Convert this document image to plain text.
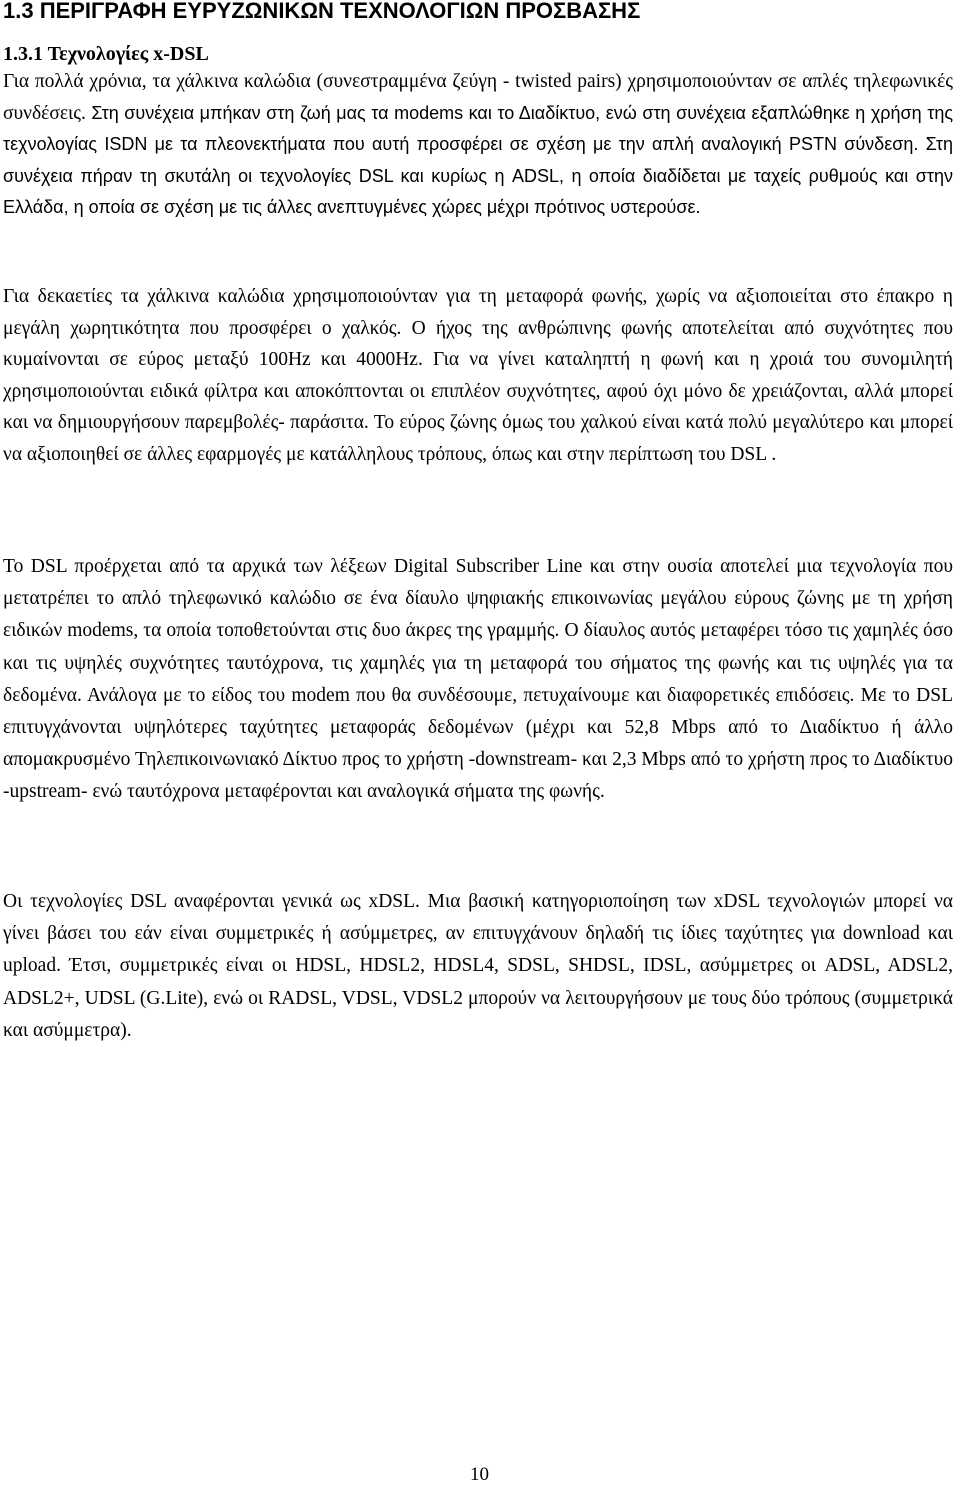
1.3 ΠΕΡΙΓΡΑΦΗ ΕΥΡΥΖΩΝΙΚΩΝ ΤΕΧΝΟΛΟΓΙΩΝ ΠΡΟΣΒΑΣΗΣ
1.3.1 Τεχνολογίες x-DSL

Για πολλά χρόνια, τα χάλκινα καλώδια (συνεστραμμένα ζεύγη - twisted pairs) χρησιμοποιούνταν σε απλές τηλεφωνικές συνδέσεις. Στη συνέχεια μπήκαν στη ζωή μας τα modems και το Διαδίκτυο, ενώ στη συνέχεια εξαπλώθηκε η χρήση της τεχνολογίας ISDN με τα πλεονεκτήματα που αυτή προσφέρει σε σχέση με την απλή αναλογική PSTN σύνδεση. Στη συνέχεια πήραν τη σκυτάλη οι τεχνολογίες DSL και κυρίως η ADSL, η οποία διαδίδεται με ταχείς ρυθμούς και στην Ελλάδα, η οποία σε σχέση με τις άλλες ανεπτυγμένες χώρες μέχρι πρότινος υστερούσε.

Για δεκαετίες τα χάλκινα καλώδια χρησιμοποιούνταν για τη μεταφορά φωνής, χωρίς να αξιοποιείται στο έπακρο η μεγάλη χωρητικότητα που προσφέρει ο χαλκός. Ο ήχος της ανθρώπινης φωνής αποτελείται από συχνότητες που κυμαίνονται σε εύρος μεταξύ 100Hz και 4000Hz. Για να γίνει καταληπτή η φωνή και η χροιά του συνομιλητή χρησιμοποιούνται ειδικά φίλτρα και αποκόπτονται οι επιπλέον συχνότητες, αφού όχι μόνο δε χρειάζονται, αλλά μπορεί και να δημιουργήσουν παρεμβολές- παράσιτα. Το εύρος ζώνης όμως του χαλκού είναι κατά πολύ μεγαλύτερο και μπορεί να αξιοποιηθεί σε άλλες εφαρμογές με κατάλληλους τρόπους, όπως και στην περίπτωση του DSL .

Το DSL προέρχεται από τα αρχικά των λέξεων Digital Subscriber Line και στην ουσία αποτελεί μια τεχνολογία που μετατρέπει το απλό τηλεφωνικό καλώδιο σε ένα δίαυλο ψηφιακής επικοινωνίας μεγάλου εύρους ζώνης με τη χρήση ειδικών modems, τα οποία τοποθετούνται στις δυο άκρες της γραμμής. Ο δίαυλος αυτός μεταφέρει τόσο τις χαμηλές όσο και τις υψηλές συχνότητες ταυτόχρονα, τις χαμηλές για τη μεταφορά του σήματος της φωνής και τις υψηλές για τα δεδομένα. Ανάλογα με το είδος του modem που θα συνδέσουμε, πετυχαίνουμε και διαφορετικές επιδόσεις. Με το DSL επιτυγχάνονται υψηλότερες ταχύτητες μεταφοράς δεδομένων (μέχρι και 52,8 Mbps από το Διαδίκτυο ή άλλο απομακρυσμένο Τηλεπικοινωνιακό Δίκτυο προς το χρήστη -downstream- και 2,3 Mbps από το χρήστη προς το Διαδίκτυο -upstream- ενώ ταυτόχρονα μεταφέρονται και αναλογικά σήματα της φωνής.

Οι τεχνολογίες DSL αναφέρονται γενικά ως xDSL. Μια βασική κατηγοριοποίηση των xDSL τεχνολογιών μπορεί να γίνει βάσει του εάν είναι συμμετρικές ή ασύμμετρες, αν επιτυγχάνουν δηλαδή τις ίδιες ταχύτητες για download και upload. Έτσι, συμμετρικές είναι οι HDSL, HDSL2, HDSL4, SDSL, SHDSL, IDSL, ασύμμετρες οι ADSL, ADSL2, ADSL2+, UDSL (G.Lite), ενώ οι RADSL, VDSL, VDSL2 μπορούν να λειτουργήσουν με τους δύο τρόπους (συμμετρικά και ασύμμετρα).

10
